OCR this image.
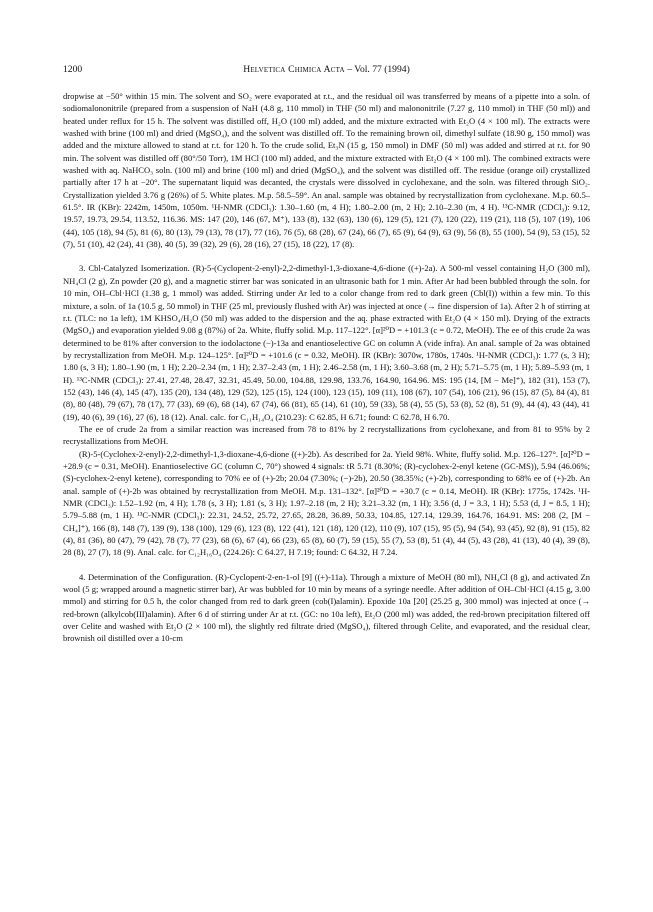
1200	Helvetica Chimica Acta – Vol. 77 (1994)

dropwise at −50° within 15 min. The solvent and SO₂ were evaporated at r.t., and the residual oil was transferred by means of a pipette into a soln. of sodiomalononitrile (prepared from a suspension of NaH (4.8 g, 110 mmol) in THF (50 ml) and malononitrile (7.27 g, 110 mmol) in THF (50 ml)) and heated under reflux for 15 h. The solvent was distilled off, H₂O (100 ml) added, and the mixture extracted with Et₂O (4 × 100 ml). The extracts were washed with brine (100 ml) and dried (MgSO₄), and the solvent was distilled off. To the remaining brown oil, dimethyl sulfate (18.90 g, 150 mmol) was added and the mixture allowed to stand at r.t. for 120 h. To the crude solid, Et₃N (15 g, 150 mmol) in DMF (50 ml) was added and stirred at r.t. for 90 min. The solvent was distilled off (80°/50 Torr), 1M HCl (100 ml) added, and the mixture extracted with Et₂O (4 × 100 ml). The combined extracts were washed with aq. NaHCO₃ soln. (100 ml) and brine (100 ml) and dried (MgSO₄), and the solvent was distilled off. The residue (orange oil) crystallized partially after 17 h at −20°. The supernatant liquid was decanted, the crystals were dissolved in cyclohexane, and the soln. was filtered through SiO₂. Crystallization yielded 3.76 g (26%) of 5. White plates. M.p. 58.5–59°. An anal. sample was obtained by recrystallization from cyclohexane. M.p. 60.5–61.5°. IR (KBr): 2242m, 1450m, 1050m. ¹H-NMR (CDCl₃): 1.30–1.60 (m, 4 H); 1.80–2.00 (m, 2 H); 2.10–2.30 (m, 4 H). ¹³C-NMR (CDCl₃): 9.12, 19.57, 19.73, 29.54, 113.52, 116.36. MS: 147 (20), 146 (67, M⁺), 133 (8), 132 (63), 130 (6), 129 (5), 121 (7), 120 (22), 119 (21), 118 (5), 107 (19), 106 (44), 105 (18), 94 (5), 81 (6), 80 (13), 79 (13), 78 (17), 77 (16), 76 (5), 68 (28), 67 (24), 66 (7), 65 (9), 64 (9), 63 (9), 56 (8), 55 (100), 54 (9), 53 (15), 52 (7), 51 (10), 42 (24), 41 (38), 40 (5), 39 (32), 29 (6), 28 (16), 27 (15), 18 (22), 17 (8).

3. Cbl-Catalyzed Isomerization. (R)-5-(Cyclopent-2-enyl)-2,2-dimethyl-1,3-dioxane-4,6-dione ((+)-2a). A 500-ml vessel containing H₂O (300 ml), NH₄Cl (2 g), Zn powder (20 g), and a magnetic stirrer bar was sonicated in an ultrasonic bath for 1 min. After Ar had been bubbled through the soln. for 10 min, OH–Cbl·HCl (1.38 g, 1 mmol) was added. Stirring under Ar led to a color change from red to dark green (Cbl(I)) within a few min. To this mixture, a soln. of 1a (10.5 g, 50 mmol) in THF (25 ml, previously flushed with Ar) was injected at once (→ fine dispersion of 1a). After 2 h of stirring at r.t. (TLC: no 1a left), 1M KHSO₄/H₂O (50 ml) was added to the dispersion and the aq. phase extracted with Et₂O (4 × 150 ml). Drying of the extracts (MgSO₄) and evaporation yielded 9.08 g (87%) of 2a. White, fluffy solid. M.p. 117–122°. [α]²⁰D = +101.3 (c = 0.72, MeOH). The ee of this crude 2a was determined to be 81% after conversion to the iodolactone (−)-13a and enantioselective GC on column A (vide infra). An anal. sample of 2a was obtained by recrystallization from MeOH. M.p. 124–125°. [α]²⁰D = +101.6 (c = 0.32, MeOH). IR (KBr): 3070w, 1780s, 1740s. ¹H-NMR (CDCl₃): 1.77 (s, 3 H); 1.80 (s, 3 H); 1.80–1.90 (m, 1 H); 2.20–2.34 (m, 1 H); 2.37–2.43 (m, 1 H); 2.46–2.58 (m, 1 H); 3.60–3.68 (m, 2 H); 5.71–5.75 (m, 1 H); 5.89–5.93 (m, 1 H). ¹³C-NMR (CDCl₃): 27.41, 27.48, 28.47, 32.31, 45.49, 50.00, 104.88, 129.98, 133.76, 164.90, 164.96. MS: 195 (14, [M − Me]⁺), 182 (31), 153 (7), 152 (43), 146 (4), 145 (47), 135 (20), 134 (48), 129 (52), 125 (15), 124 (100), 123 (15), 109 (11), 108 (67), 107 (54), 106 (21), 96 (15), 87 (5), 84 (4), 81 (8), 80 (48), 79 (67), 78 (17), 77 (33), 69 (6), 68 (14), 67 (74), 66 (81), 65 (14), 61 (10), 59 (33), 58 (4), 55 (5), 53 (8), 52 (8), 51 (9), 44 (4), 43 (44), 41 (19), 40 (6), 39 (16), 27 (6), 18 (12). Anal. calc. for C₁₁H₁₄O₄ (210.23): C 62.85, H 6.71; found: C 62.78, H 6.70.

The ee of crude 2a from a similar reaction was increased from 78 to 81% by 2 recrystallizations from cyclohexane, and from 81 to 95% by 2 recrystallizations from MeOH.

(R)-5-(Cyclohex-2-enyl)-2,2-dimethyl-1,3-dioxane-4,6-dione ((+)-2b). As described for 2a. Yield 98%. White, fluffy solid. M.p. 126–127°. [α]²⁰D = +28.9 (c = 0.31, MeOH). Enantioselective GC (column C, 70°) showed 4 signals: tR 5.71 (8.30%; (R)-cyclohex-2-enyl ketene (GC-MS)), 5.94 (46.06%; (S)-cyclohex-2-enyl ketene), corresponding to 70% ee of (+)-2b; 20.04 (7.30%; (−)-2b), 20.50 (38.35%; (+)-2b), corresponding to 68% ee of (+)-2b. An anal. sample of (+)-2b was obtained by recrystallization from MeOH. M.p. 131–132°. [α]²⁰D = +30.7 (c = 0.14, MeOH). IR (KBr): 1775s, 1742s. ¹H-NMR (CDCl₃): 1.52–1.92 (m, 4 H); 1.78 (s, 3 H); 1.81 (s, 3 H); 1.97–2.18 (m, 2 H); 3.21–3.32 (m, 1 H); 3.56 (d, J = 3.3, 1 H); 5.53 (d, J = 8.5, 1 H); 5.79–5.88 (m, 1 H). ¹³C-NMR (CDCl₃): 22.31, 24.52, 25.72, 27.65, 28.28, 36.89, 50.33, 104.85, 127.14, 129.39, 164.76, 164.91. MS: 208 (2, [M − CH₄]⁺), 166 (8), 148 (7), 139 (9), 138 (100), 129 (6), 123 (8), 122 (41), 121 (18), 120 (12), 110 (9), 107 (15), 95 (5), 94 (54), 93 (45), 92 (8), 91 (15), 82 (4), 81 (36), 80 (47), 79 (42), 78 (7), 77 (23), 68 (6), 67 (4), 66 (23), 65 (8), 60 (7), 59 (15), 55 (7), 53 (8), 51 (4), 44 (5), 43 (28), 41 (13), 40 (4), 39 (8), 28 (8), 27 (7), 18 (9). Anal. calc. for C₁₂H₁₆O₄ (224.26): C 64.27, H 7.19; found: C 64.32, H 7.24.

4. Determination of the Configuration. (R)-Cyclopent-2-en-1-ol [9] ((+)-11a). Through a mixture of MeOH (80 ml), NH₄Cl (8 g), and activated Zn wool (5 g; wrapped around a magnetic stirrer bar), Ar was bubbled for 10 min by means of a syringe needle. After addition of OH–Cbl·HCl (4.15 g, 3.00 mmol) and stirring for 0.5 h, the color changed from red to dark green (cob(I)alamin). Epoxide 10a [20] (25.25 g, 300 mmol) was injected at once (→ red-brown (alkylcob(III)alamin). After 6 d of stirring under Ar at r.t. (GC: no 10a left), Et₂O (200 ml) was added, the red-brown precipitation filtered off over Celite and washed with Et₂O (2 × 100 ml), the slightly red filtrate dried (MgSO₄), filtered through Celite, and evaporated, and the residual clear, brownish oil distilled over a 10-cm
